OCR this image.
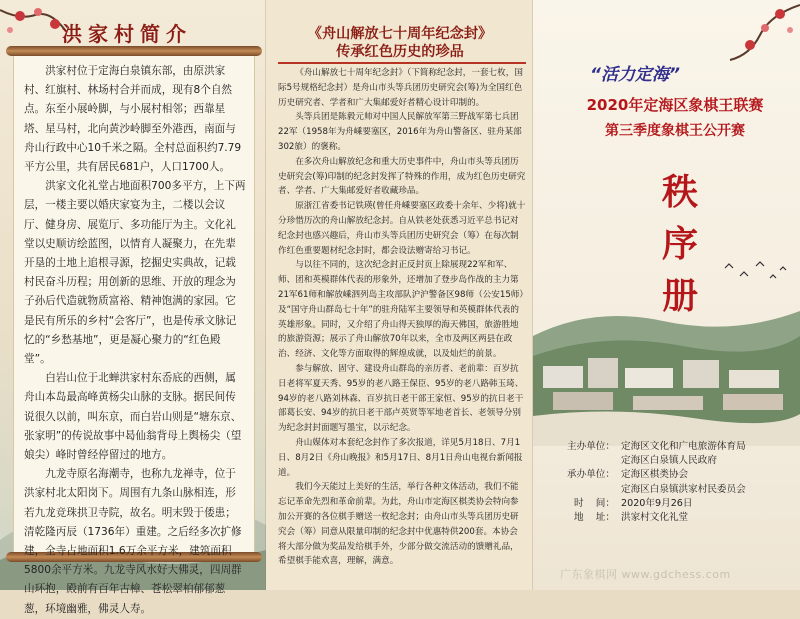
洪家村简介

洪家村位于定海白泉镇东部，由原洪家村、红旗村、林场村合并而成，现有8个自然点。东至小展岭脚，与小展村相邻；西靠星塔、星马村，北向黄沙岭脚至外港西，南面与舟山行政中心10千米之隔。全村总面积约7.79平方公里，共有居民681户，人口1700人。

洪家文化礼堂占地面积700多平方，上下两层，一楼主要以婚庆家宴为主，二楼以会议厅、健身房、展览厅、多功能厅为主。文化礼堂以史顺访绘蓝图，以情育人凝聚力，在先辈开垦的土地上追根寻源，挖掘史实典故，记载村民奋斗历程；用创新的思维、开放的理念为子孙后代造就物质富裕、精神饱满的家园。它是民有所乐的乡村“会客厅”，也是传承文脉记忆的“乡愁基地”，更是凝心聚力的“红色殿堂”。

白岩山位于北蝉洪家村东岙底的西侧，属舟山本岛最高峰黄杨尖山脉的支脉。据民间传说很久以前，叫东京，而白岩山则是“塘东京、张家明”的传说故事中曷仙翁背母上舆杨尖（望娘尖）峰时曾经停留过的地方。

九龙寺原名海潮寺，也称九龙禅寺，位于洪家村北太阳岗下。周围有九条山脉相连，形若九龙竞珠拱卫寺院，故名。明末毁于倭患；清乾隆丙辰（1736年）重建。之后经多次扩修建，全寺占地面积1.6万余平方米，建筑面积5800余平方米。九龙寺风水好大佛灵，四周群山环抱，殿前有百年古樟、苍松翠柏郁郁葱葱，环境幽雅，佛灵人寿。

《舟山解放七十周年纪念封》
传承红色历史的珍品

《舟山解放七十周年纪念封》（下简称纪念封，一套七枚，国际5号规格纪念封）是舟山市头等兵团历史研究会(筹)为全国红色历史研究者、学者和广大集邮爱好者精心设计印制的。

头等兵团是陈毅元帅对中国人民解放军第三野战军第七兵团22军（1958年为舟嵊要塞区，2016年为舟山警备区、驻舟某部302旅）的褒称。

在多次舟山解放纪念和重大历史事件中，舟山市头等兵团历史研究会(筹)印制的纪念封发挥了特殊的作用，成为红色历史研究者、学者、广大集邮爱好者收藏珍品。

原浙江省委书记铁瑛(曾任舟嵊要塞区政委十余年、少将)就十分珍惜历次的舟山解放纪念封。自从铁老处获悉习近平总书记对纪念封也感兴趣后，舟山市头等兵团历史研究会（筹）在每次制作红色重要题材纪念封时，都会设法赠寄给习书记。

与以往不同的，这次纪念封正反封页上除展现22军和军、师、团和英模群体代表的形象外，还增加了登步岛作战的主力第21军61师和解放嵊泗列岛主攻部队沪沪警备区98师（公安15师）及“国守舟山群岛七十年”的驻舟陆军主要领导和英模群体代表的英雄形象。同时，又介绍了舟山得天独厚的海天佛国，旅游胜地的旅游资源；展示了舟山解放70年以来，全市及两区两县在政治、经济、文化等方面取得的辉煌成就，以及灿烂的前景。

参与解放、固守、建设舟山群岛的亲历者、老前辈：百岁抗日老将军夏天秀、95岁的老八路王保臣、95岁的老八路韩玉琦、94岁的老八路刘林森、百岁抗日老干部王家恒、95岁的抗日老干部葛长安、94岁的抗日老干部卢英贤等军地老首长、老领导分别为纪念封封面题写墨宝，以示纪念。

舟山媒体对本套纪念封作了多次报道，详见5月18日、7月1日、8月2日《舟山晚报》和5月17日、8月1日舟山电视台新闻报道。

我们今天能过上美好的生活，举行各种文体活动，我们不能忘记革命先烈和革命前辈。为此，舟山市定海区棋类协会特向参加公开赛的各位棋手赠送一枚纪念封；由舟山市头等兵团历史研究会（筹）同意从限量印制的纪念封中优惠特供200套。本协会将大部分做为奖品发给棋手外，少部分做交流活动的馈赠礼品，希望棋手能欢喜，理解，满意。

“活力定海”
2020年定海区象棋王联赛
第三季度象棋王公开赛
秩序册
主办单位： 定海区文化和广电旅游体育局
定海区白泉镇人民政府
承办单位： 定海区棋类协会
定海区白泉镇洪家村民委员会
时    间： 2020年9月26日
地    址： 洪家村文化礼堂
广东象棋网 www.gdchess.com
